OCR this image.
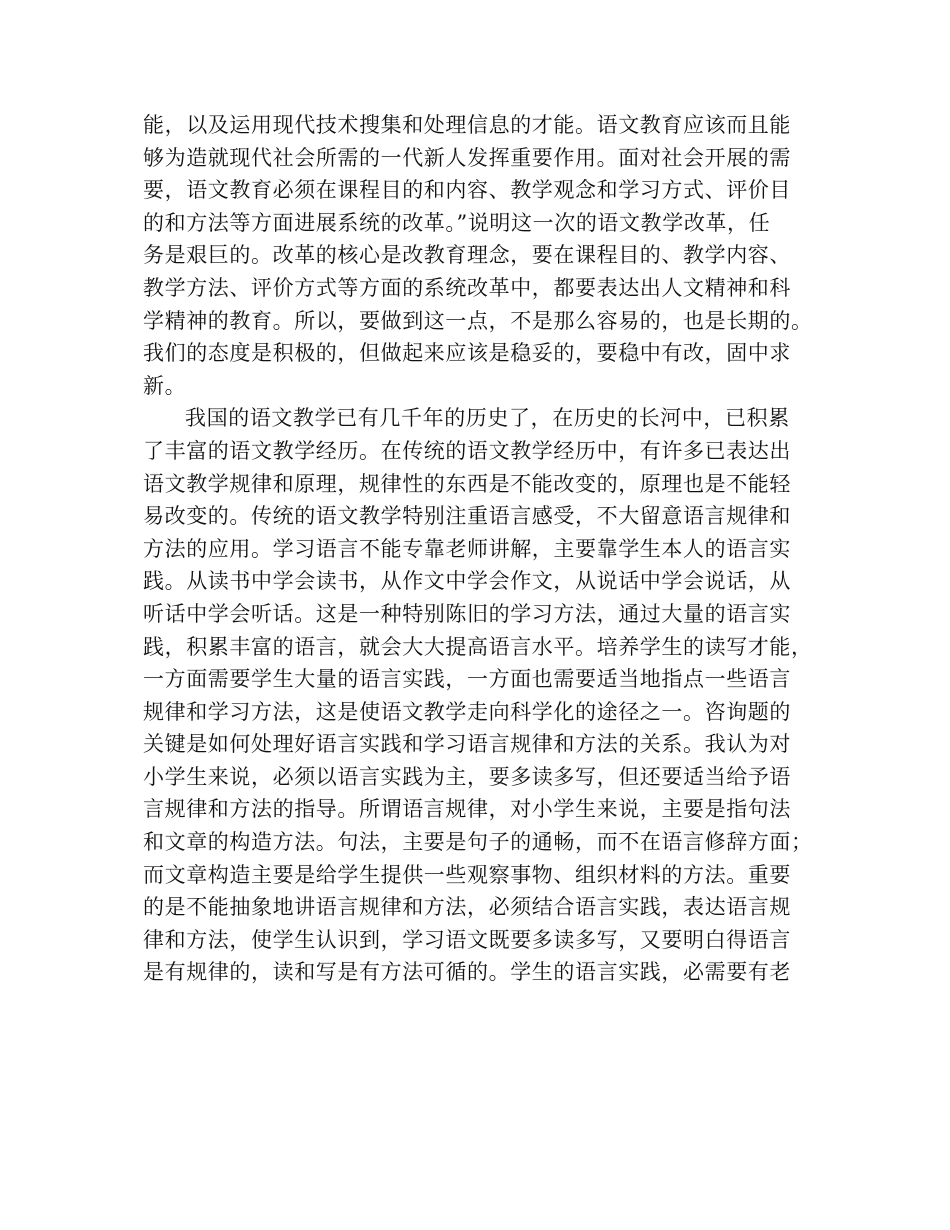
能，以及运用现代技术搜集和处理信息的才能。语文教育应该而且能
够为造就现代社会所需的一代新人发挥重要作用。面对社会开展的需
要，语文教育必须在课程目的和内容、教学观念和学习方式、评价目
的和方法等方面进展系统的改革。”说明这一次的语文教学改革，任
务是艰巨的。改革的核心是改教育理念，要在课程目的、教学内容、
教学方法、评价方式等方面的系统改革中，都要表达出人文精神和科
学精神的教育。所以，要做到这一点，不是那么容易的，也是长期的。
我们的态度是积极的，但做起来应该是稳妥的，要稳中有改，固中求
新。
我国的语文教学已有几千年的历史了，在历史的长河中，已积累
了丰富的语文教学经历。在传统的语文教学经历中，有许多已表达出
语文教学规律和原理，规律性的东西是不能改变的，原理也是不能轻
易改变的。传统的语文教学特别注重语言感受，不大留意语言规律和
方法的应用。学习语言不能专靠老师讲解，主要靠学生本人的语言实
践。从读书中学会读书，从作文中学会作文，从说话中学会说话，从
听话中学会听话。这是一种特别陈旧的学习方法，通过大量的语言实
践，积累丰富的语言，就会大大提高语言水平。培养学生的读写才能，
一方面需要学生大量的语言实践，一方面也需要适当地指点一些语言
规律和学习方法，这是使语文教学走向科学化的途径之一。咨询题的
关键是如何处理好语言实践和学习语言规律和方法的关系。我认为对
小学生来说，必须以语言实践为主，要多读多写，但还要适当给予语
言规律和方法的指导。所谓语言规律，对小学生来说，主要是指句法
和文章的构造方法。句法，主要是句子的通畅，而不在语言修辞方面；
而文章构造主要是给学生提供一些观察事物、组织材料的方法。重要
的是不能抽象地讲语言规律和方法，必须结合语言实践，表达语言规
律和方法，使学生认识到，学习语文既要多读多写，又要明白得语言
是有规律的，读和写是有方法可循的。学生的语言实践，必需要有老
